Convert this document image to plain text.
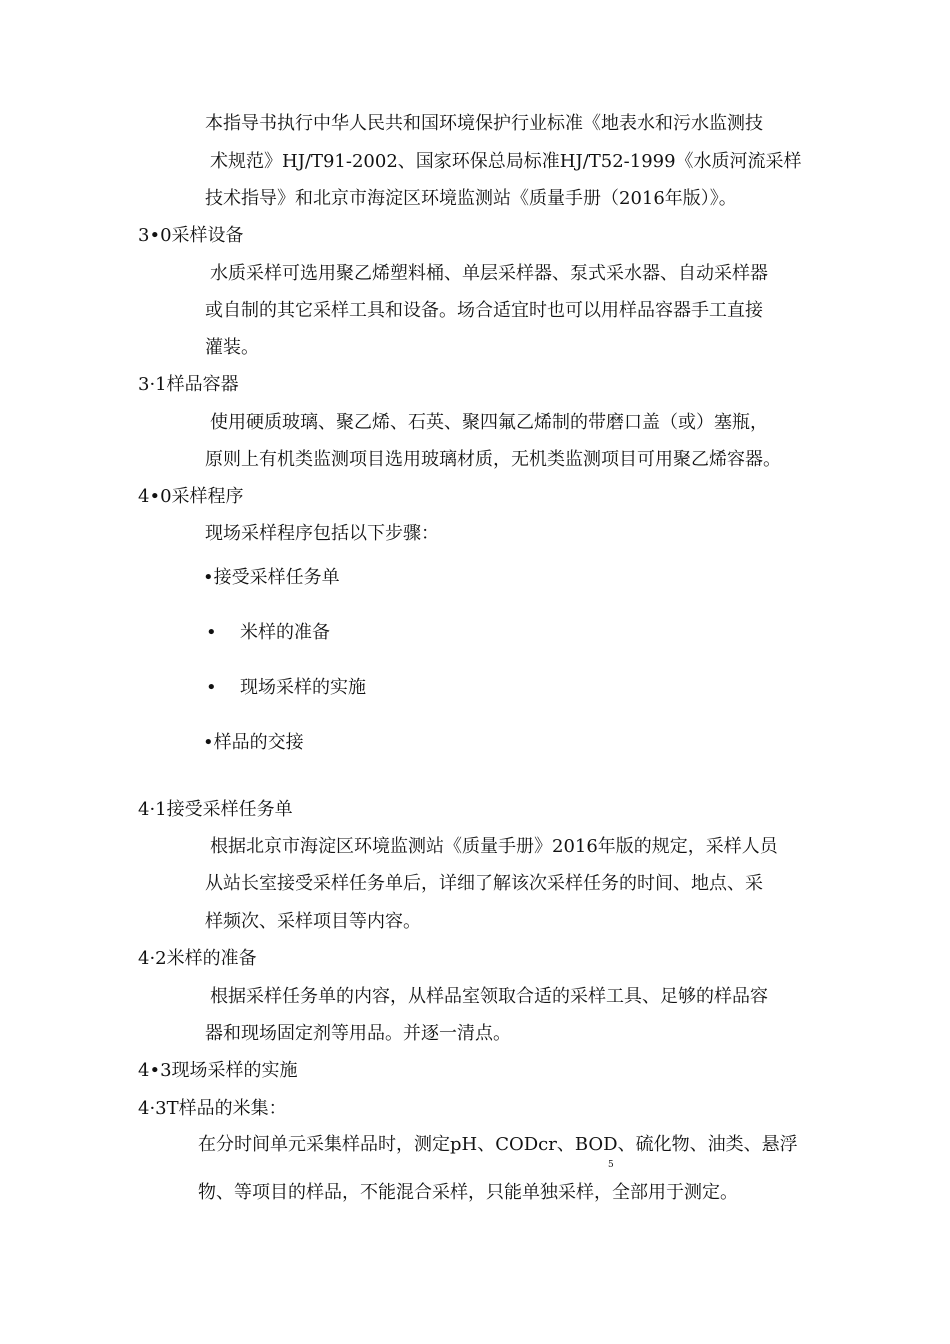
本指导书执行中华人民共和国环境保护行业标准《地表水和污水监测技
术规范》HJ/T91-2002、国家环保总局标准HJ/T52-1999《水质河流采样
技术指导》和北京市海淀区环境监测站《质量手册（2016年版）》。
3•0采样设备
水质采样可选用聚乙烯塑料桶、单层采样器、泵式采水器、自动采样器
或自制的其它采样工具和设备。场合适宜时也可以用样品容器手工直接
灌装。
3·1样品容器
使用硬质玻璃、聚乙烯、石英、聚四氟乙烯制的带磨口盖（或）塞瓶，
原则上有机类监测项目选用玻璃材质，无机类监测项目可用聚乙烯容器。
4•0采样程序
现场采样程序包括以下步骤：
•接受采样任务单
• 米样的准备
• 现场采样的实施
•样品的交接
4·1接受采样任务单
根据北京市海淀区环境监测站《质量手册》2016年版的规定，采样人员
从站长室接受采样任务单后，详细了解该次采样任务的时间、地点、采
样频次、采样项目等内容。
4·2米样的准备
根据采样任务单的内容，从样品室领取合适的采样工具、足够的样品容
器和现场固定剂等用品。并逐一清点。
4•3现场采样的实施
4·3T样品的米集：
在分时间单元采集样品时，测定pH、CODcr、BOD、硫化物、油类、悬浮
5
物、等项目的样品，不能混合采样，只能单独采样，全部用于测定。
